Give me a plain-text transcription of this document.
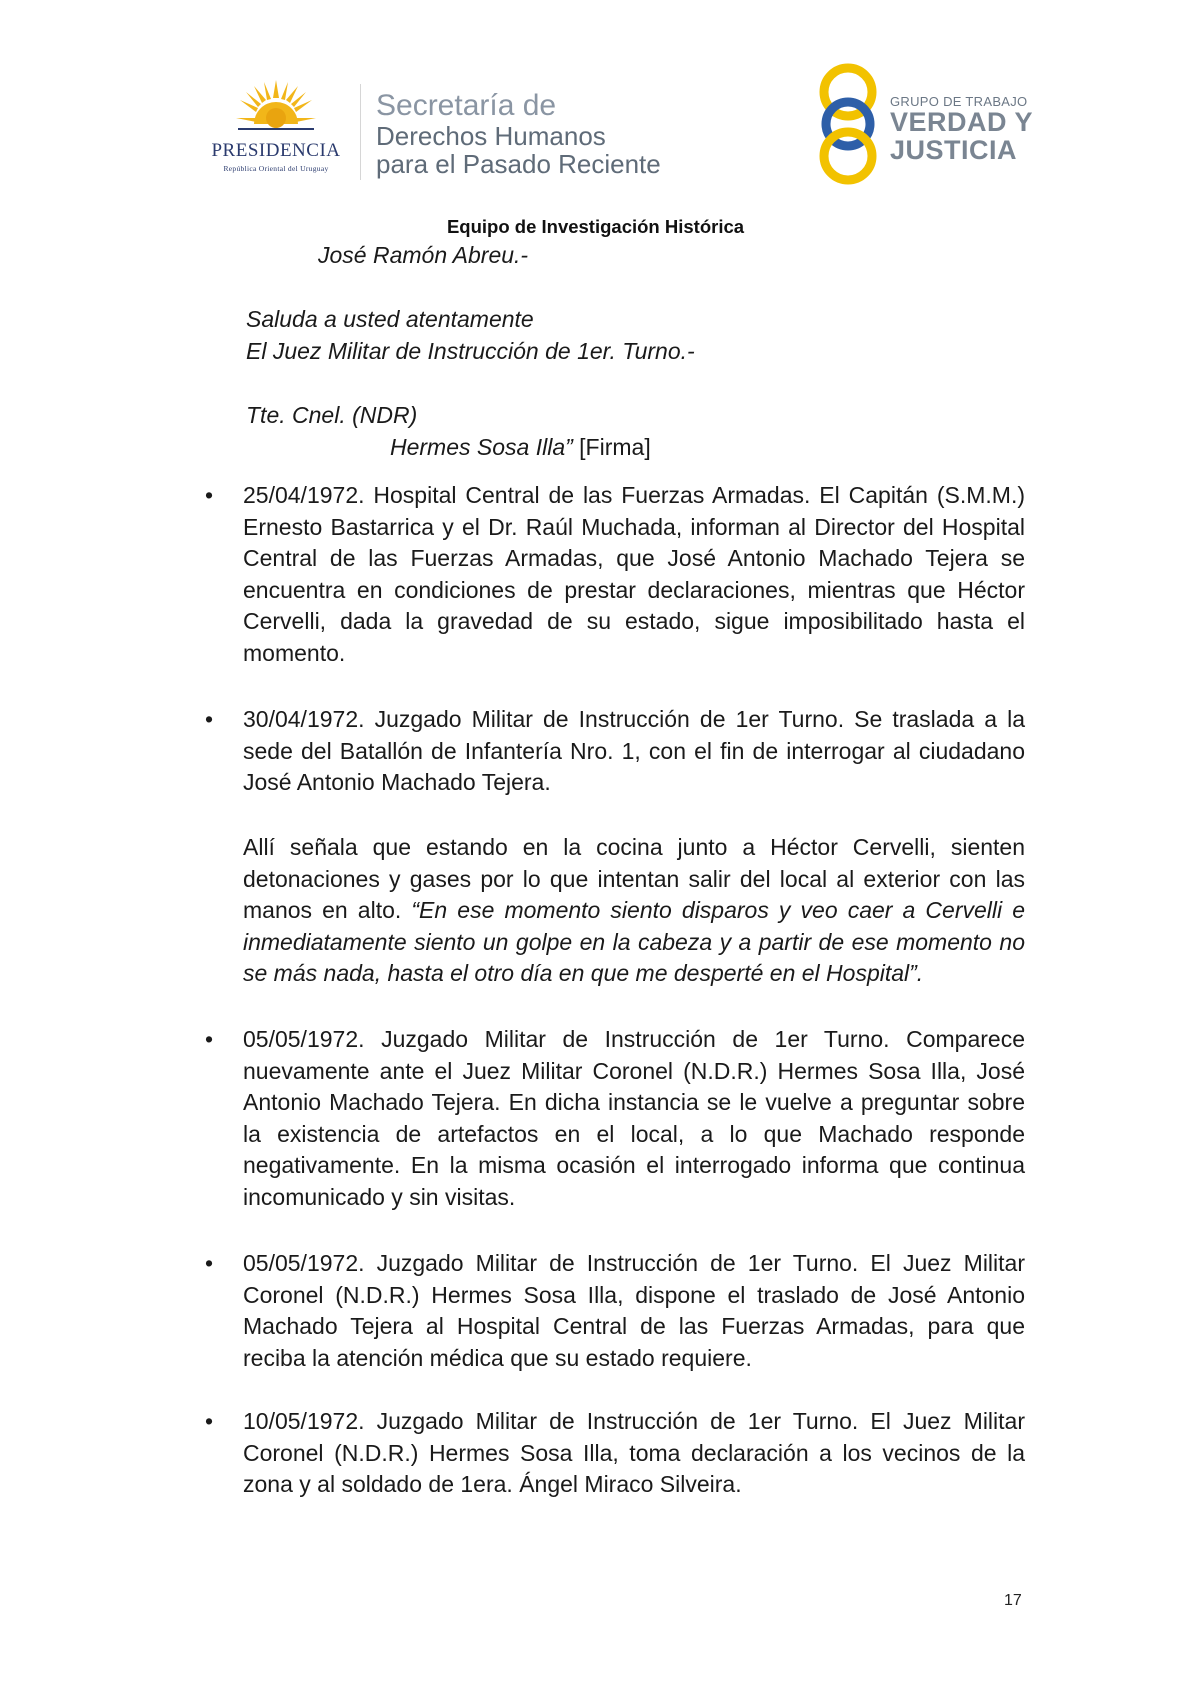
PRESIDENCIA
República Oriental del Uruguay
Secretaría de
Derechos Humanos
para el Pasado Reciente
GRUPO DE TRABAJO
VERDAD Y
JUSTICIA
Equipo de Investigación Histórica
José Ramón Abreu.-
Saluda a usted atentamente
El Juez Militar de Instrucción de 1er. Turno.-
Tte. Cnel. (NDR)
Hermes Sosa Illa” [Firma]
• 25/04/1972. Hospital Central de las Fuerzas Armadas. El Capitán (S.M.M.) Ernesto Bastarrica y el Dr. Raúl Muchada, informan al Director del Hospital Central de las Fuerzas Armadas, que José Antonio Machado Tejera se encuentra en condiciones de prestar declaraciones, mientras que Héctor Cervelli, dada la gravedad de su estado, sigue imposibilitado hasta el momento.
• 30/04/1972. Juzgado Militar de Instrucción de 1er Turno. Se traslada a la sede del Batallón de Infantería Nro. 1, con el fin de interrogar al ciudadano José Antonio Machado Tejera.
Allí señala que estando en la cocina junto a Héctor Cervelli, sienten detonaciones y gases por lo que intentan salir del local al exterior con las manos en alto. “En ese momento siento disparos y veo caer a Cervelli e inmediatamente siento un golpe en la cabeza y a partir de ese momento no se más nada, hasta el otro día en que me desperté en el Hospital”.
• 05/05/1972. Juzgado Militar de Instrucción de 1er Turno. Comparece nuevamente ante el Juez Militar Coronel (N.D.R.) Hermes Sosa Illa, José Antonio Machado Tejera. En dicha instancia se le vuelve a preguntar sobre la existencia de artefactos en el local, a lo que Machado responde negativamente. En la misma ocasión el interrogado informa que continua incomunicado y sin visitas.
• 05/05/1972. Juzgado Militar de Instrucción de 1er Turno. El Juez Militar Coronel (N.D.R.) Hermes Sosa Illa, dispone el traslado de José Antonio Machado Tejera al Hospital Central de las Fuerzas Armadas, para que reciba la atención médica que su estado requiere.
• 10/05/1972. Juzgado Militar de Instrucción de 1er Turno. El Juez Militar Coronel (N.D.R.) Hermes Sosa Illa, toma declaración a los vecinos de la zona y al soldado de 1era. Ángel Miraco Silveira.
17
